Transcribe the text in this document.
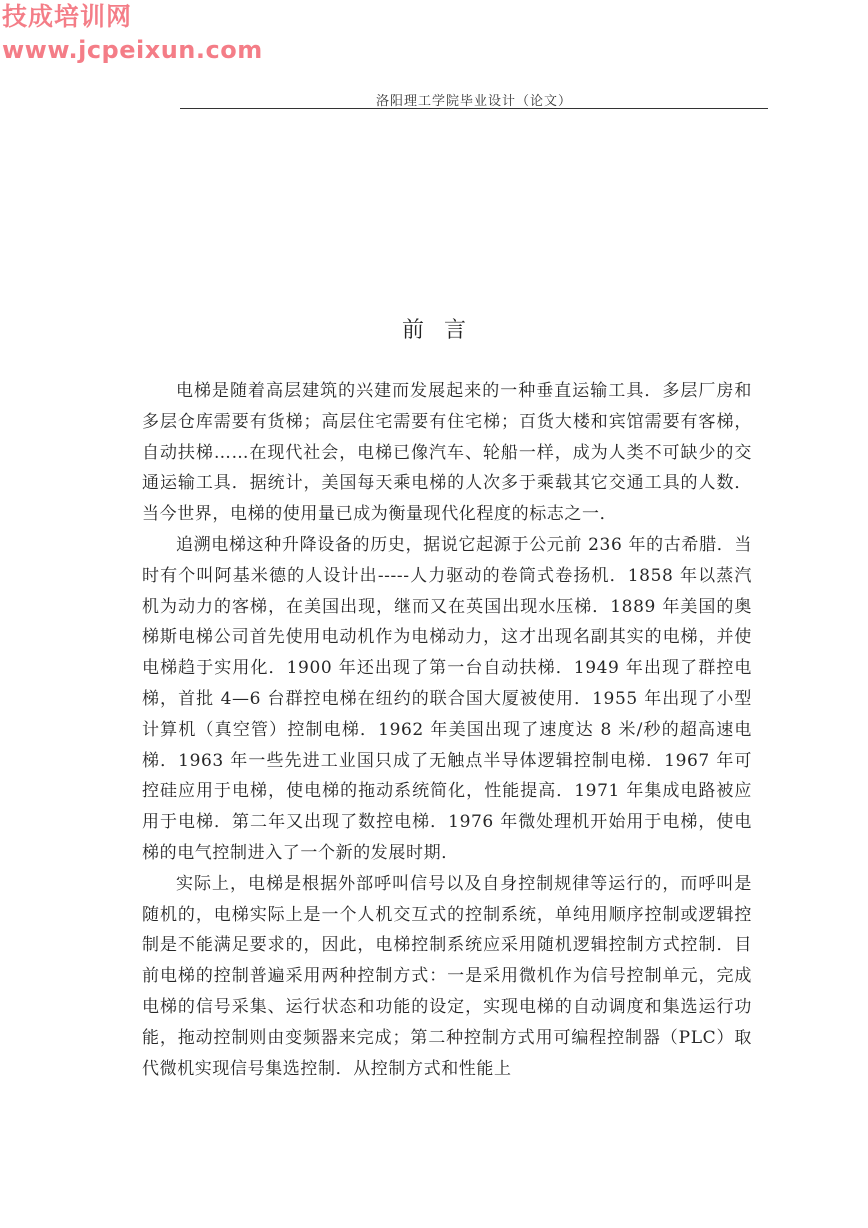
技成培训网
www.jcpeixun.com
洛阳理工学院毕业设计（论文）
前言

电梯是随着高层建筑的兴建而发展起来的一种垂直运输工具．多层厂房和多层仓库需要有货梯；高层住宅需要有住宅梯；百货大楼和宾馆需要有客梯，自动扶梯……在现代社会，电梯已像汽车、轮船一样，成为人类不可缺少的交通运输工具．据统计，美国每天乘电梯的人次多于乘载其它交通工具的人数．当今世界，电梯的使用量已成为衡量现代化程度的标志之一．

追溯电梯这种升降设备的历史，据说它起源于公元前 236 年的古希腊．当时有个叫阿基米德的人设计出-----人力驱动的卷筒式卷扬机．1858 年以蒸汽机为动力的客梯，在美国出现，继而又在英国出现水压梯．1889 年美国的奥梯斯电梯公司首先使用电动机作为电梯动力，这才出现名副其实的电梯，并使电梯趋于实用化．1900 年还出现了第一台自动扶梯．1949 年出现了群控电梯，首批 4—6 台群控电梯在纽约的联合国大厦被使用．1955 年出现了小型计算机（真空管）控制电梯．1962 年美国出现了速度达 8 米/秒的超高速电梯．1963 年一些先进工业国只成了无触点半导体逻辑控制电梯．1967 年可控硅应用于电梯，使电梯的拖动系统简化，性能提高．1971 年集成电路被应用于电梯．第二年又出现了数控电梯．1976 年微处理机开始用于电梯，使电梯的电气控制进入了一个新的发展时期．

实际上，电梯是根据外部呼叫信号以及自身控制规律等运行的，而呼叫是随机的，电梯实际上是一个人机交互式的控制系统，单纯用顺序控制或逻辑控制是不能满足要求的，因此，电梯控制系统应采用随机逻辑控制方式控制．目前电梯的控制普遍采用两种控制方式：一是采用微机作为信号控制单元，完成电梯的信号采集、运行状态和功能的设定，实现电梯的自动调度和集选运行功能，拖动控制则由变频器来完成；第二种控制方式用可编程控制器（PLC）取代微机实现信号集选控制．从控制方式和性能上
